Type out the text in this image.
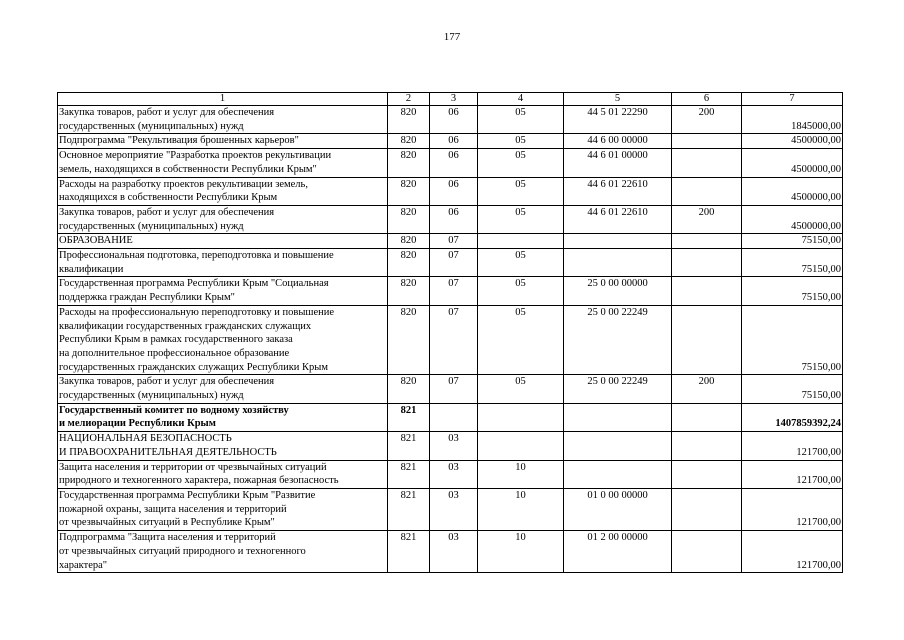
177
1	2	3	4	5	6	7
Закупка товаров, работ и услуг для обеспечения
государственных (муниципальных) нужд	820	06	05	44 5 01 22290	200	1845000,00
Подпрограмма "Рекультивация брошенных карьеров"	820	06	05	44 6 00 00000		4500000,00
Основное мероприятие "Разработка проектов рекультивации
земель, находящихся в собственности Республики Крым"	820	06	05	44 6 01 00000		4500000,00
Расходы на разработку проектов рекультивации земель,
находящихся в собственности Республики Крым	820	06	05	44 6 01 22610		4500000,00
Закупка товаров, работ и услуг для обеспечения
государственных (муниципальных) нужд	820	06	05	44 6 01 22610	200	4500000,00
ОБРАЗОВАНИЕ	820	07				75150,00
Профессиональная подготовка, переподготовка и повышение
квалификации	820	07	05			75150,00
Государственная программа Республики Крым "Социальная
поддержка граждан Республики Крым"	820	07	05	25 0 00 00000		75150,00
Расходы на профессиональную переподготовку и повышение
квалификации государственных гражданских служащих
Республики Крым в рамках государственного заказа
на дополнительное профессиональное образование
государственных гражданских служащих Республики Крым	820	07	05	25 0 00 22249		75150,00
Закупка товаров, работ и услуг для обеспечения
государственных (муниципальных) нужд	820	07	05	25 0 00 22249	200	75150,00
Государственный комитет по водному хозяйству
и мелиорации Республики Крым	821					1407859392,24
НАЦИОНАЛЬНАЯ БЕЗОПАСНОСТЬ
И ПРАВООХРАНИТЕЛЬНАЯ ДЕЯТЕЛЬНОСТЬ	821	03				121700,00
Защита населения и территории от чрезвычайных ситуаций
природного и техногенного характера, пожарная безопасность	821	03	10			121700,00
Государственная программа Республики Крым "Развитие
пожарной охраны, защита населения и территорий
от чрезвычайных ситуаций в Республике Крым"	821	03	10	01 0 00 00000		121700,00
Подпрограмма "Защита населения и территорий
от чрезвычайных ситуаций природного и техногенного
характера"	821	03	10	01 2 00 00000		121700,00
